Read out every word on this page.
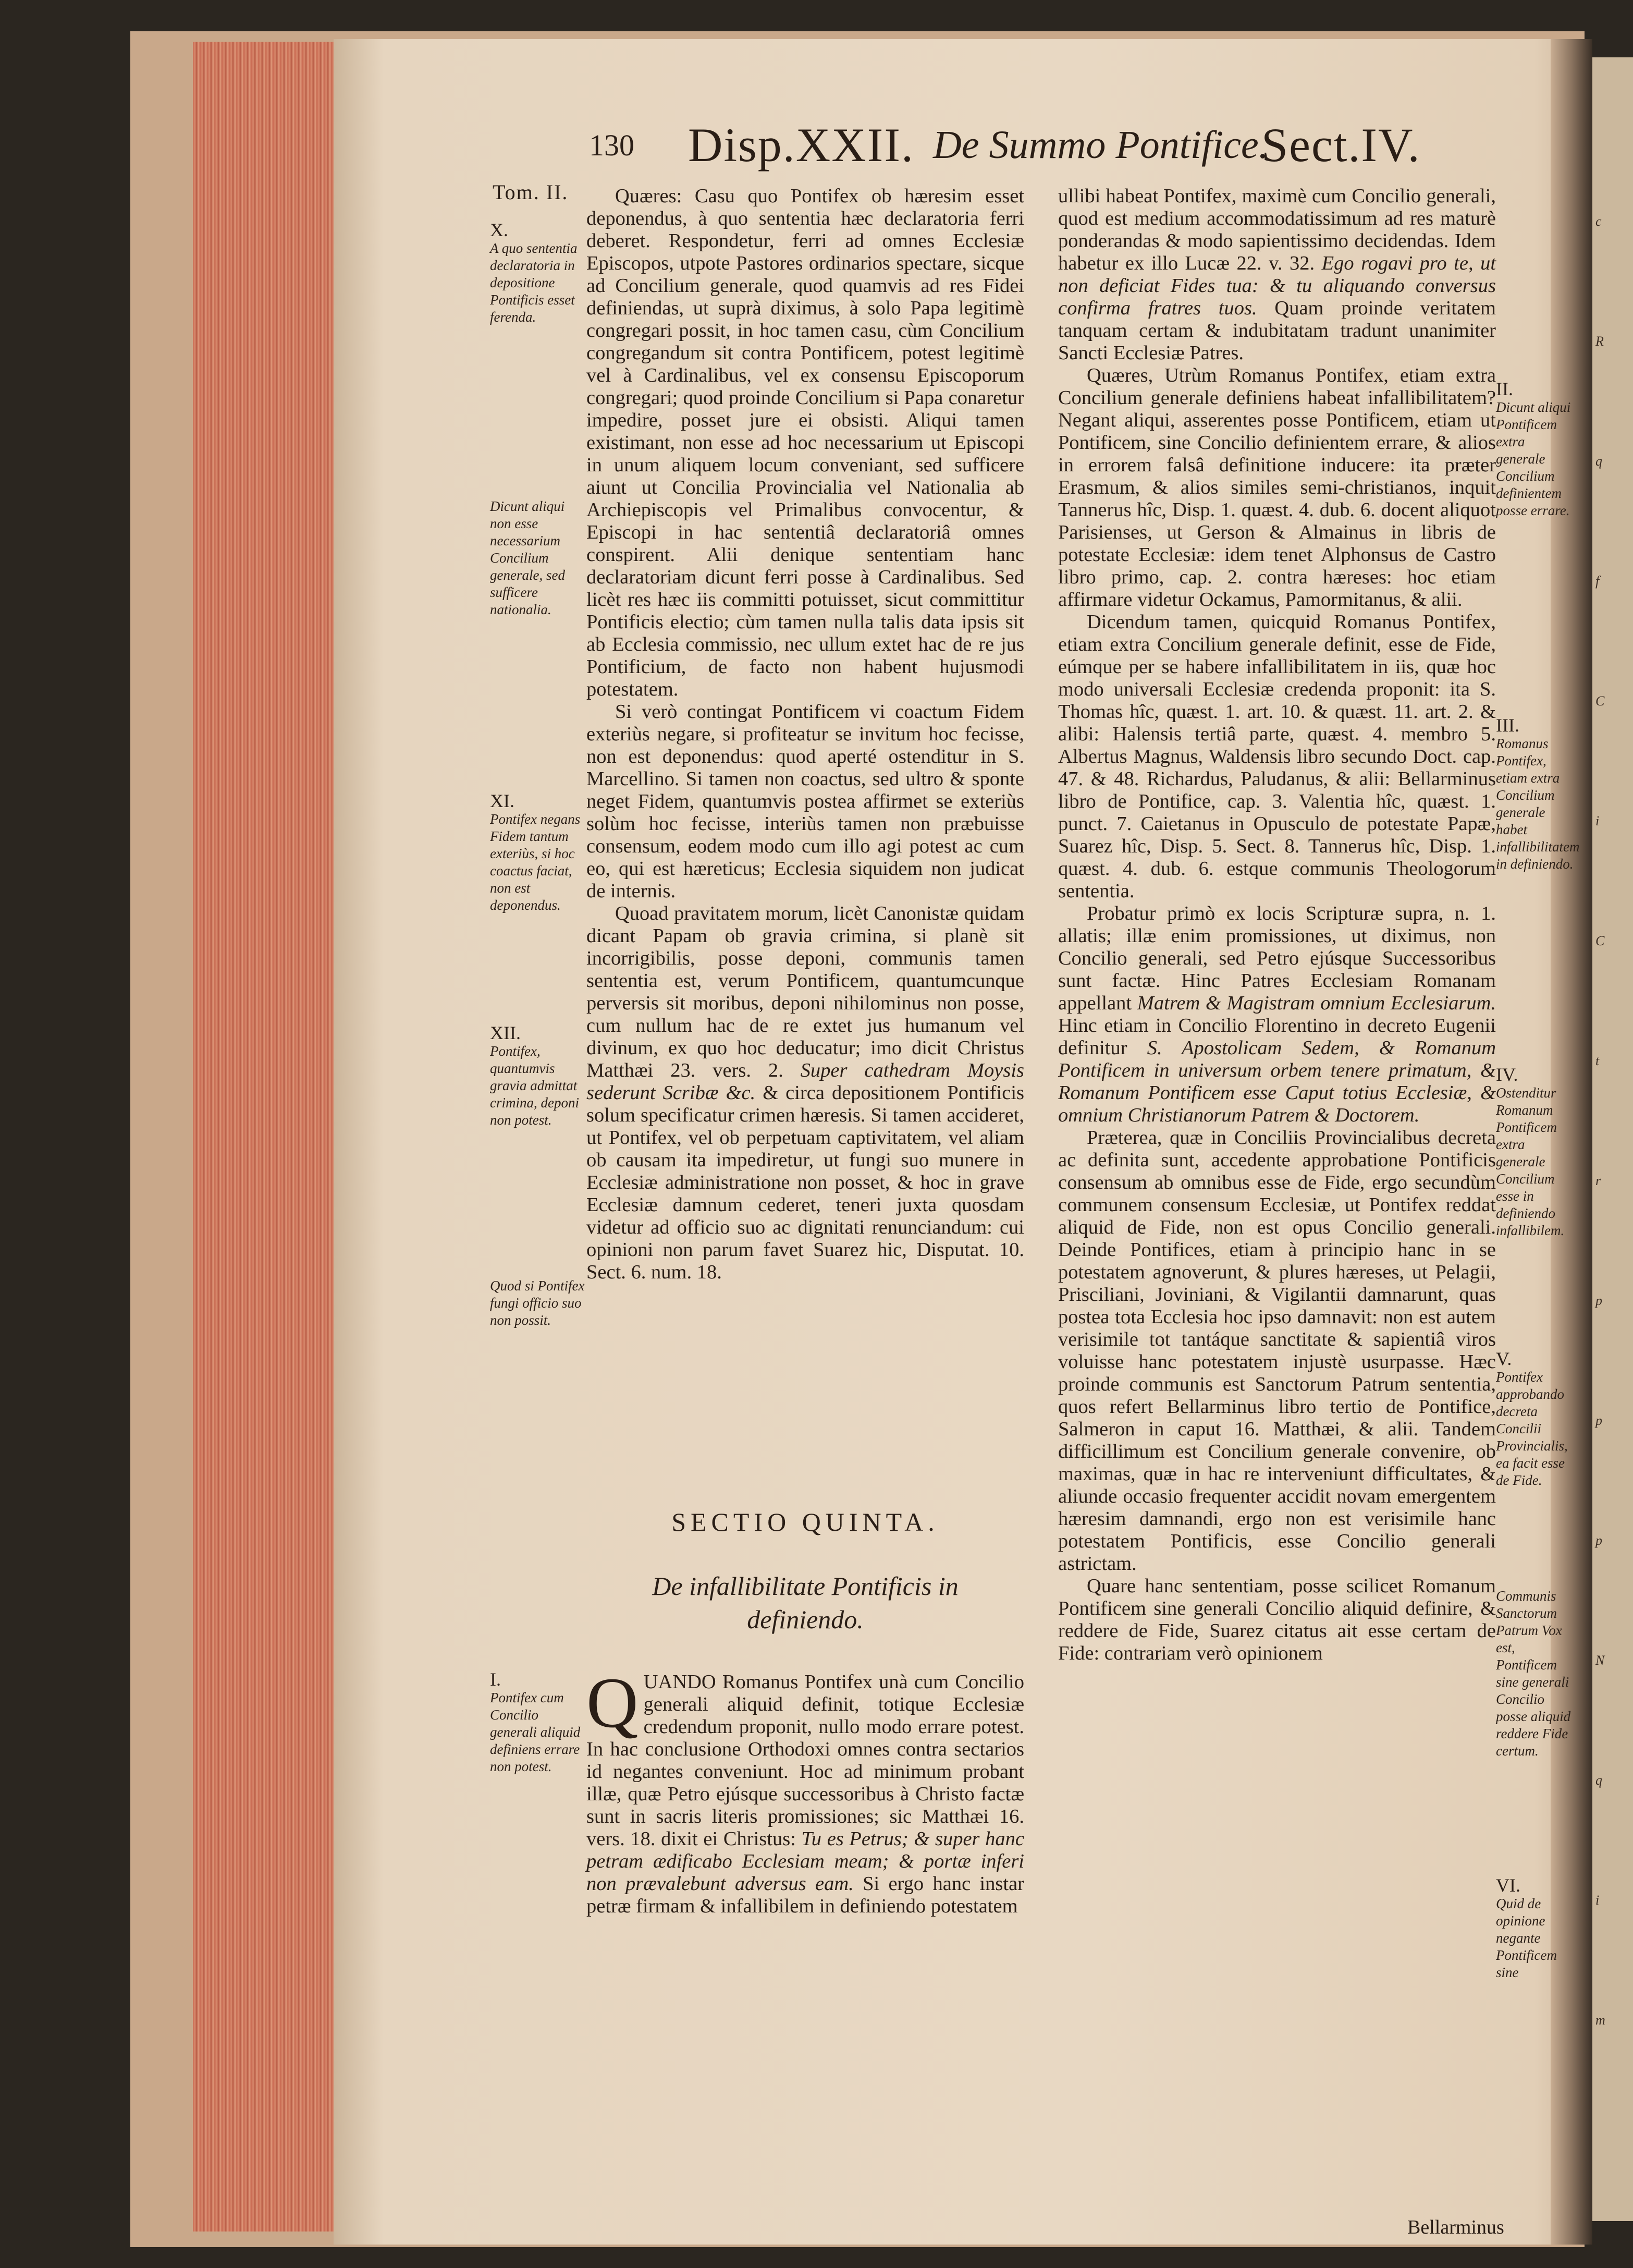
c
R
q
f
C
i
C
t
r
p
p
p
N
q
i
m
130 Disp.XXII. De Summo Pontifice.
Sect.IV.
Tom. II.	Quæres: Casu quo Pontifex ob hæresim esset deponendus, à quo sententia hæc declaratoria ferri deberet. Respondetur, ferri ad omnes Ecclesiæ Episcopos, utpote Pastores ordinarios spectare, sicque ad Concilium generale, quod quamvis ad res Fidei definiendas, ut suprà diximus, à solo Papa legitimè congregari possit, in hoc tamen casu, cùm Concilium congregandum sit contra Pontificem, potest legitimè vel à Cardinalibus, vel ex consensu Episcoporum congregari; quod proinde Concilium si Papa conaretur impedire, posset jure ei obsisti. Aliqui tamen existimant, non esse ad hoc necessarium ut Episcopi in unum aliquem locum conveniant, sed sufficere aiunt ut Concilia Provincialia vel Nationalia ab Archiepiscopis vel Primalibus convocentur, & Episcopi in hac sententiâ declaratoriâ omnes conspirent. Alii denique sententiam hanc declaratoriam dicunt ferri posse à Cardinalibus. Sed licèt res hæc iis committi potuisset, sicut committitur Pontificis electio; cùm tamen nulla talis data ipsis sit ab Ecclesia commissio, nec ullum extet hac de re jus Pontificium, de facto non habent hujusmodi potestatem.

Si verò contingat Pontificem vi coactum Fidem exteriùs negare, si profiteatur se invitum hoc fecisse, non est deponendus: quod aperté ostenditur in S. Marcellino. Si tamen non coactus, sed ultro & sponte neget Fidem, quantumvis postea affirmet se exteriùs solùm hoc fecisse, interiùs tamen non præbuisse consensum, eodem modo cum illo agi potest ac cum eo, qui est hæreticus; Ecclesia siquidem non judicat de internis.

Quoad pravitatem morum, licèt Canonistæ quidam dicant Papam ob gravia crimina, si planè sit incorrigibilis, posse deponi, communis tamen sententia est, verum Pontificem, quantumcunque perversis sit moribus, deponi nihilominus non posse, cum nullum hac de re extet jus humanum vel divinum, ex quo hoc deducatur; imo dicit Christus Matthæi 23. vers. 2. Super cathedram Moysis sederunt Scribæ &c. & circa depositionem Pontificis solum specificatur crimen hæresis. Si tamen accideret, ut Pontifex, vel ob perpetuam captivitatem, vel aliam ob causam ita impediretur, ut fungi suo munere in Ecclesiæ administratione non posset, & hoc in grave Ecclesiæ damnum cederet, teneri juxta quosdam videtur ad officio suo ac dignitati renunciandum: cui opinioni non parum favet Suarez hic, Disputat. 10. Sect. 6. num. 18.

SECTIO QUINTA.
De infallibilitate Pontificis in
definiendo.

QUANDO Romanus Pontifex unà cum Concilio generali aliquid definit, totique Ecclesiæ credendum proponit, nullo modo errare potest. In hac conclusione Orthodoxi omnes contra sectarios id negantes conveniunt. Hoc ad minimum probant illæ, quæ Petro ejúsque successoribus à Christo factæ sunt in sacris literis promissiones; sic Matthæi 16. vers. 18. dixit ei Christus: Tu es Petrus; & super hanc petram ædificabo Ecclesiam meam; & portæ inferi non prævalebunt adversus eam. Si ergo hanc instar petræ firmam & infallibilem in definiendo potestatem

ullibi habeat Pontifex, maximè cum Concilio generali, quod est medium accommodatissimum ad res maturè ponderandas & modo sapientissimo decidendas. Idem habetur ex illo Lucæ 22. v. 32. Ego rogavi pro te, ut non deficiat Fides tua: & tu aliquando conversus confirma fratres tuos. Quam proinde veritatem tanquam certam & indubitatam tradunt unanimiter Sancti Ecclesiæ Patres.

Quæres, Utrùm Romanus Pontifex, etiam extra Concilium generale definiens habeat infallibilitatem? Negant aliqui, asserentes posse Pontificem, etiam ut Pontificem, sine Concilio definientem errare, & alios in errorem falsâ definitione inducere: ita præter Erasmum, & alios similes semi-christianos, inquit Tannerus hîc, Disp. 1. quæst. 4. dub. 6. docent aliquot Parisienses, ut Gerson & Almainus in libris de potestate Ecclesiæ: idem tenet Alphonsus de Castro libro primo, cap. 2. contra hæreses: hoc etiam affirmare videtur Ockamus, Pamormitanus, & alii.

Dicendum tamen, quicquid Romanus Pontifex, etiam extra Concilium generale definit, esse de Fide, eúmque per se habere infallibilitatem in iis, quæ hoc modo universali Ecclesiæ credenda proponit: ita S. Thomas hîc, quæst. 1. art. 10. & quæst. 11. art. 2. & alibi: Halensis tertiâ parte, quæst. 4. membro 5. Albertus Magnus, Waldensis libro secundo Doct. cap. 47. & 48. Richardus, Paludanus, & alii: Bellarminus libro de Pontifice, cap. 3. Valentia hîc, quæst. 1. punct. 7. Caietanus in Opusculo de potestate Papæ, Suarez hîc, Disp. 5. Sect. 8. Tannerus hîc, Disp. 1. quæst. 4. dub. 6. estque communis Theologorum sententia.

Probatur primò ex locis Scripturæ supra, n. 1. allatis; illæ enim promissiones, ut diximus, non Concilio generali, sed Petro ejúsque Successoribus sunt factæ. Hinc Patres Ecclesiam Romanam appellant Matrem & Magistram omnium Ecclesiarum. Hinc etiam in Concilio Florentino in decreto Eugenii definitur S. Apostolicam Sedem, & Romanum Pontificem in universum orbem tenere primatum, & Romanum Pontificem esse Caput totius Ecclesiæ, & omnium Christianorum Patrem & Doctorem.

Præterea, quæ in Conciliis Provincialibus decreta ac definita sunt, accedente approbatione Pontificis consensum ab omnibus esse de Fide, ergo secundùm communem consensum Ecclesiæ, ut Pontifex reddat aliquid de Fide, non est opus Concilio generali. Deinde Pontifices, etiam à principio hanc in se potestatem agnoverunt, & plures hæreses, ut Pelagii, Prisciliani, Joviniani, & Vigilantii damnarunt, quas postea tota Ecclesia hoc ipso damnavit: non est autem verisimile tot tantáque sanctitate & sapientiâ viros voluisse hanc potestatem injustè usurpasse. Hæc proinde communis est Sanctorum Patrum sententia, quos refert Bellarminus libro tertio de Pontifice, Salmeron in caput 16. Matthæi, & alii. Tandem difficillimum est Concilium generale convenire, ob maximas, quæ in hac re interveniunt difficultates, & aliunde occasio frequenter accidit novam emergentem hæresim damnandi, ergo non est verisimile hanc potestatem Pontificis, esse Concilio generali astrictam.

Quare hanc sententiam, posse scilicet Romanum Pontificem sine generali Concilio aliquid definire, & reddere de Fide, Suarez citatus ait esse certam de Fide: contrariam verò opinionem

Bellarminus
X.
A quo sententia declaratoria in depositione Pontificis esset ferenda.
Dicunt aliqui non esse necessarium Concilium generale, sed sufficere nationalia.
XI.
Pontifex negans Fidem tantum exteriùs, si hoc coactus faciat, non est deponendus.
XII.
Pontifex, quantumvis gravia admittat crimina, deponi non potest.
Quod si Pontifex fungi officio suo non possit.
I.
Pontifex cum Concilio generali aliquid definiens errare non potest.
II.
Dicunt aliqui Pontificem extra generale Concilium definientem posse errare.
III.
Romanus Pontifex, etiam extra Concilium generale habet infallibilitatem in definiendo.
IV.
Ostenditur Romanum Pontificem extra generale Concilium esse in definiendo infallibilem.
V.
Pontifex approbando decreta Concilii Provincialis, ea facit esse de Fide.
Communis Sanctorum Patrum Vox est, Pontificem sine generali Concilio posse aliquid reddere Fide certum.
VI.
Quid de opinione negante Pontificem sine
